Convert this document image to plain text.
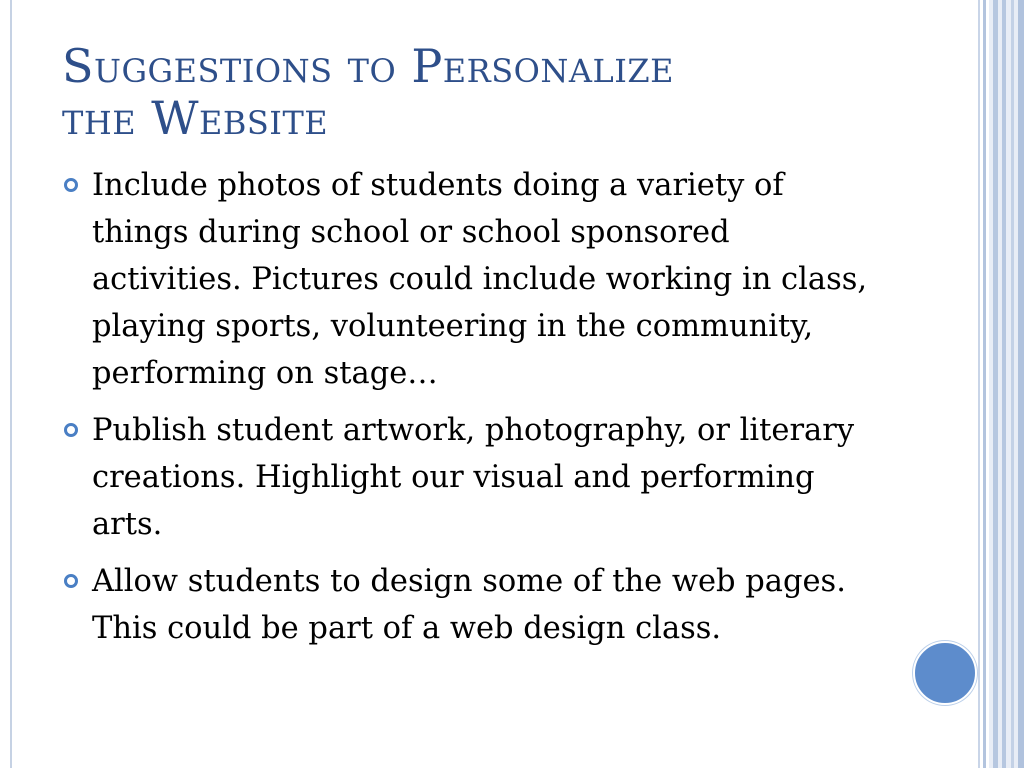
Suggestions to Personalize
the Website
Include photos of students doing a variety of things during school or school sponsored activities. Pictures could include working in class, playing sports, volunteering in the community, performing on stage…
Publish student artwork, photography, or literary creations. Highlight our visual and performing arts.
Allow students to design some of the web pages. This could be part of a web design class.
